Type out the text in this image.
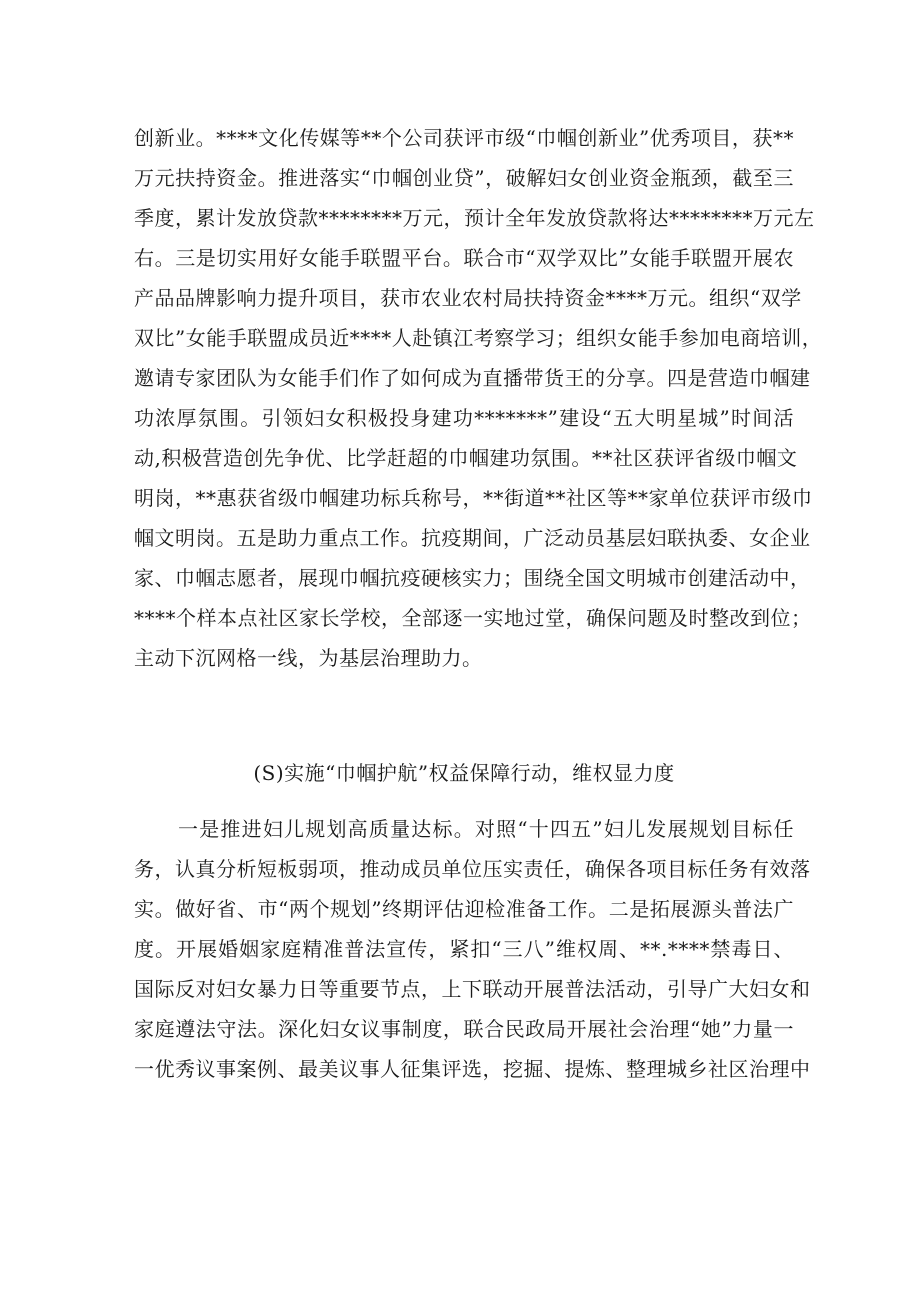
创新业。****文化传媒等**个公司获评市级“巾帼创新业”优秀项目，获**
万元扶持资金。推进落实“巾帼创业贷”，破解妇女创业资金瓶颈，截至三
季度，累计发放贷款********万元，预计全年发放贷款将达********万元左
右。三是切实用好女能手联盟平台。联合市“双学双比”女能手联盟开展农
产品品牌影响力提升项目，获市农业农村局扶持资金****万元。组织“双学
双比”女能手联盟成员近****人赴镇江考察学习；组织女能手参加电商培训，
邀请专家团队为女能手们作了如何成为直播带货王的分享。四是营造巾帼建
功浓厚氛围。引领妇女积极投身建功*******”建设“五大明星城”时间活
动,积极营造创先争优、比学赶超的巾帼建功氛围。**社区获评省级巾帼文
明岗，**惠获省级巾帼建功标兵称号，**街道**社区等**家单位获评市级巾
帼文明岗。五是助力重点工作。抗疫期间，广泛动员基层妇联执委、女企业
家、巾帼志愿者，展现巾帼抗疫硬核实力；围绕全国文明城市创建活动中，
****个样本点社区家长学校，全部逐一实地过堂，确保问题及时整改到位；
主动下沉网格一线，为基层治理助力。
(S)实施“巾帼护航”权益保障行动，维权显力度
一是推进妇儿规划高质量达标。对照“十四五”妇儿发展规划目标任
务，认真分析短板弱项，推动成员单位压实责任，确保各项目标任务有效落
实。做好省、市“两个规划”终期评估迎检准备工作。二是拓展源头普法广
度。开展婚姻家庭精准普法宣传，紧扣“三八”维权周、**.****禁毒日、
国际反对妇女暴力日等重要节点，上下联动开展普法活动，引导广大妇女和
家庭遵法守法。深化妇女议事制度，联合民政局开展社会治理“她”力量一
一优秀议事案例、最美议事人征集评选，挖掘、提炼、整理城乡社区治理中
